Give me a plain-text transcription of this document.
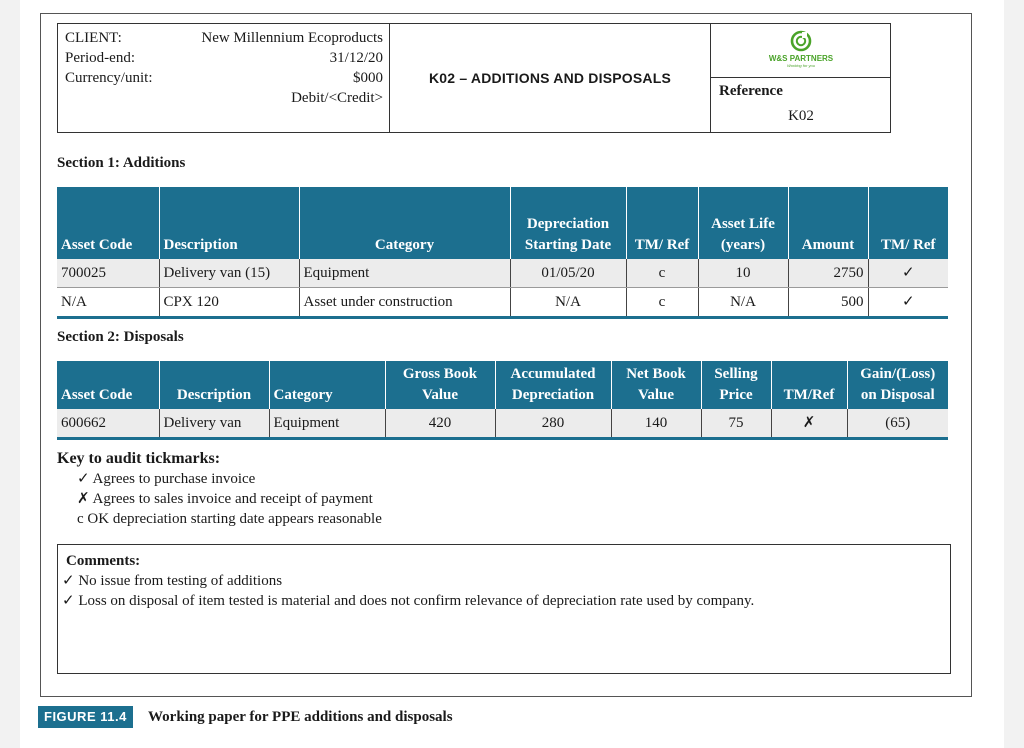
CLIENT:	New Millennium Ecoproducts
Period-end:	31/12/20
Currency/unit:	$000
Debit/<Credit>
K02 – ADDITIONS AND DISPOSALS
W&S PARTNERS
Working for you
Reference
K02
Section 1: Additions
Asset Code	Description	Category	Depreciation Starting Date	TM/ Ref	Asset Life (years)	Amount	TM/ Ref
700025	Delivery van (15)	Equipment	01/05/20	c	10	2750	✓
N/A	CPX 120	Asset under construction	N/A	c	N/A	500	✓
Section 2: Disposals
Asset Code	Description	Category	Gross Book Value	Accumulated Depreciation	Net Book Value	Selling Price	TM/Ref	Gain/(Loss) on Disposal
600662	Delivery van	Equipment	420	280	140	75	✗	(65)
Key to audit tickmarks:
✓ Agrees to purchase invoice
✗ Agrees to sales invoice and receipt of payment
c OK depreciation starting date appears reasonable
Comments:
✓ No issue from testing of additions
✓ Loss on disposal of item tested is material and does not confirm relevance of depreciation rate used by company.
FIGURE 11.4	Working paper for PPE additions and disposals
